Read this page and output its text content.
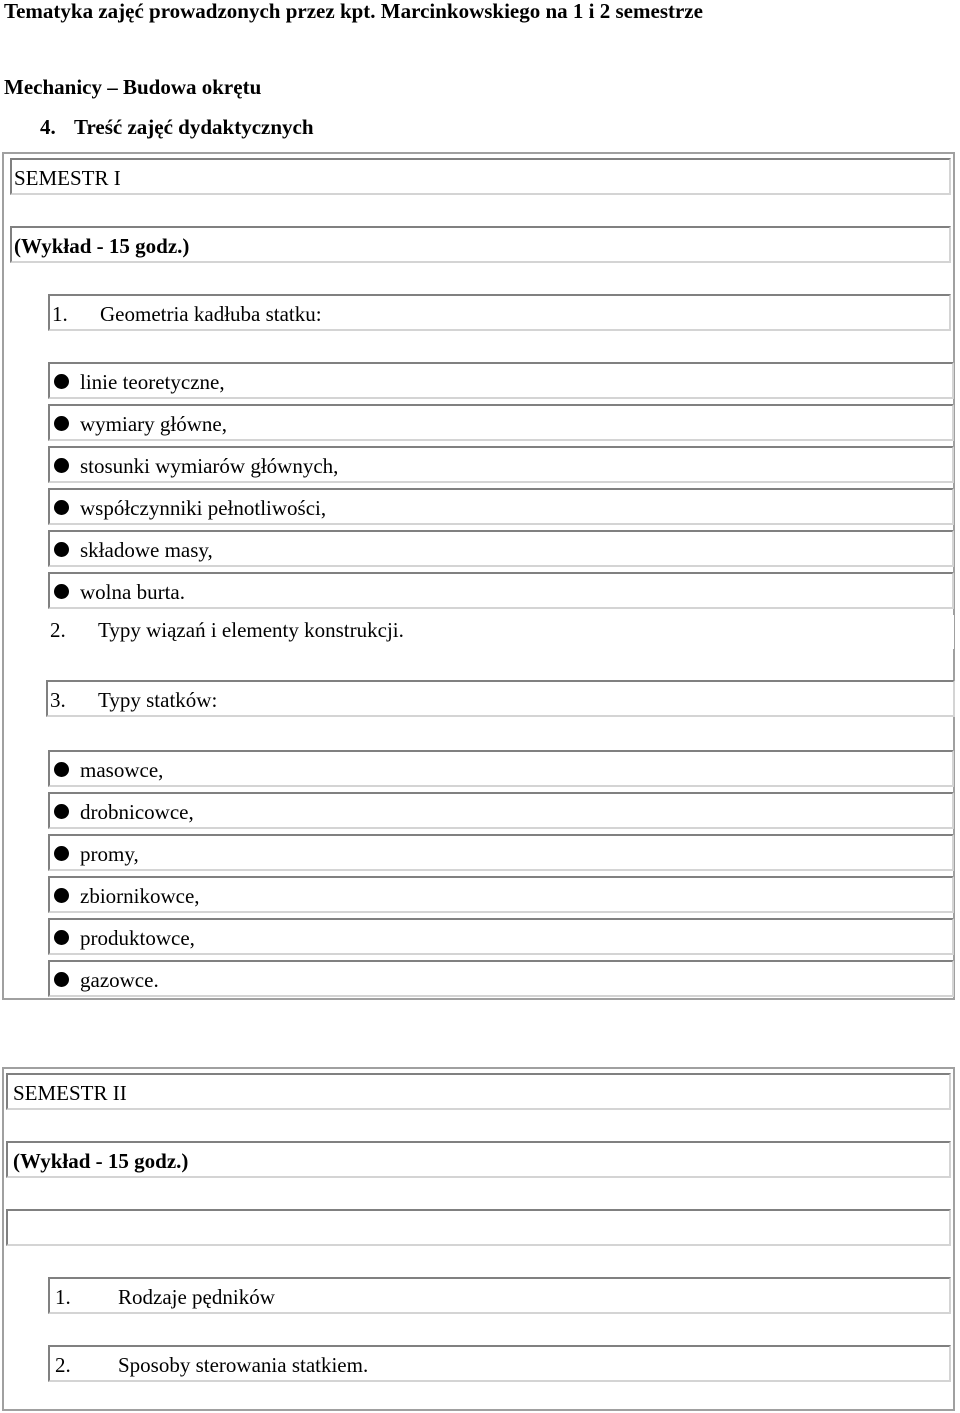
Tematyka zajęć prowadzonych przez kpt. Marcinkowskiego na 1 i 2 semestrze
Mechanicy – Budowa okrętu
4. Treść zajęć dydaktycznych
SEMESTR I
(Wykład - 15 godz.)
1. Geometria kadłuba statku:
linie teoretyczne,
wymiary główne,
stosunki wymiarów głównych,
współczynniki pełnotliwości,
składowe masy,
wolna burta.
2. Typy wiązań i elementy konstrukcji.
3. Typy statków:
masowce,
drobnicowce,
promy,
zbiornikowce,
produktowce,
gazowce.
SEMESTR II
(Wykład - 15 godz.)
1. Rodzaje pędników
2. Sposoby sterowania statkiem.
